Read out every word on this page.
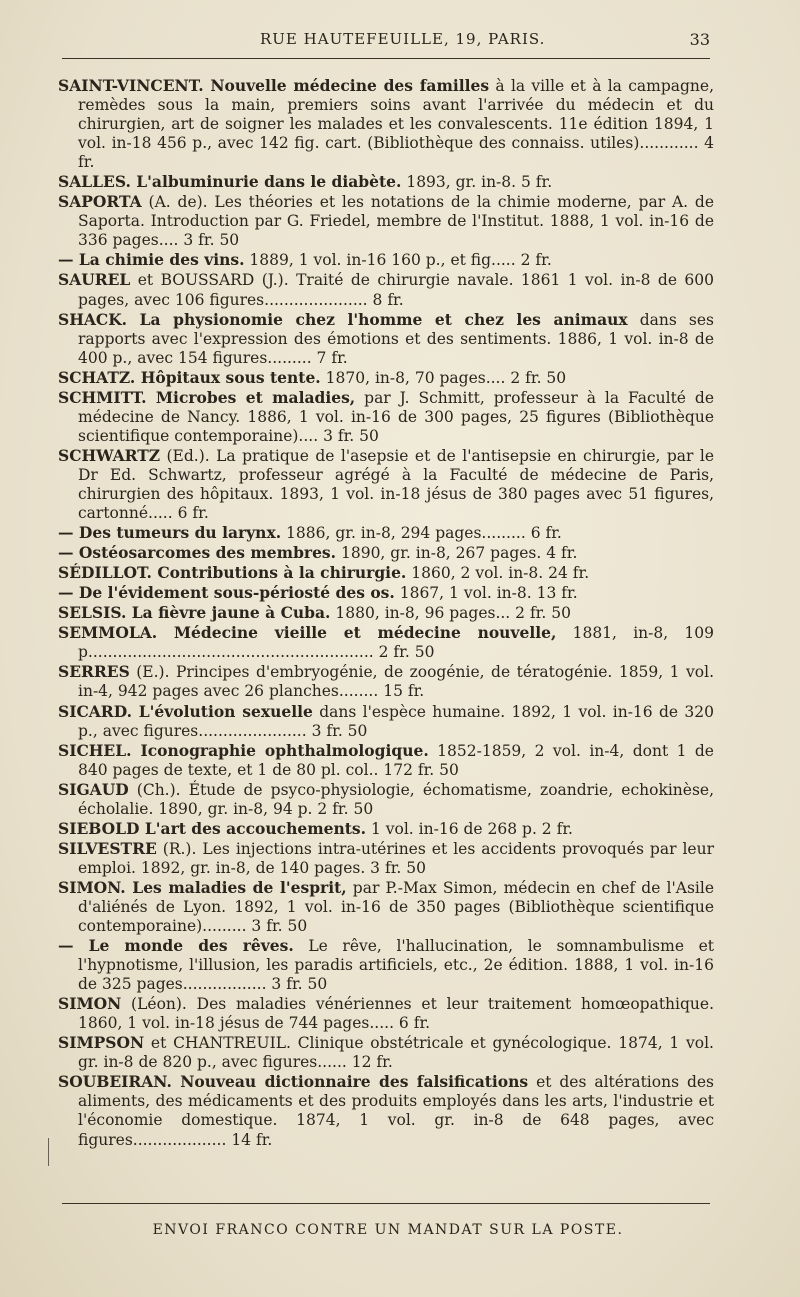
RUE HAUTEFEUILLE, 19, PARIS.	33

SAINT-VINCENT. Nouvelle médecine des familles à la ville et à la campagne, remèdes sous la main, premiers soins avant l'arrivée du médecin et du chirurgien, art de soigner les malades et les convalescents. 11e édition 1894, 1 vol. in-18 456 p., avec 142 fig. cart. (Bibliothèque des connaiss. utiles)............ 4 fr.

SALLES. L'albuminurie dans le diabète. 1893, gr. in-8. 5 fr.

SAPORTA (A. de). Les théories et les notations de la chimie moderne, par A. de Saporta. Introduction par G. Friedel, membre de l'Institut. 1888, 1 vol. in-16 de 336 pages.... 3 fr. 50

— La chimie des vins. 1889, 1 vol. in-16 160 p., et fig..... 2 fr.

SAUREL et BOUSSARD (J.). Traité de chirurgie navale. 1861 1 vol. in-8 de 600 pages, avec 106 figures..................... 8 fr.

SHACK. La physionomie chez l'homme et chez les animaux dans ses rapports avec l'expression des émotions et des sentiments. 1886, 1 vol. in-8 de 400 p., avec 154 figures......... 7 fr.

SCHATZ. Hôpitaux sous tente. 1870, in-8, 70 pages.... 2 fr. 50

SCHMITT. Microbes et maladies, par J. Schmitt, professeur à la Faculté de médecine de Nancy. 1886, 1 vol. in-16 de 300 pages, 25 figures (Bibliothèque scientifique contemporaine).... 3 fr. 50

SCHWARTZ (Ed.). La pratique de l'asepsie et de l'antisepsie en chirurgie, par le Dr Ed. Schwartz, professeur agrégé à la Faculté de médecine de Paris, chirurgien des hôpitaux. 1893, 1 vol. in-18 jésus de 380 pages avec 51 figures, cartonné..... 6 fr.

— Des tumeurs du larynx. 1886, gr. in-8, 294 pages......... 6 fr.

— Ostéosarcomes des membres. 1890, gr. in-8, 267 pages. 4 fr.

SÉDILLOT. Contributions à la chirurgie. 1860, 2 vol. in-8. 24 fr.

— De l'évidement sous-périosté des os. 1867, 1 vol. in-8. 13 fr.

SELSIS. La fièvre jaune à Cuba. 1880, in-8, 96 pages... 2 fr. 50

SEMMOLA. Médecine vieille et médecine nouvelle, 1881, in-8, 109 p.......................................................... 2 fr. 50

SERRES (E.). Principes d'embryogénie, de zoogénie, de tératogénie. 1859, 1 vol. in-4, 942 pages avec 26 planches........ 15 fr.

SICARD. L'évolution sexuelle dans l'espèce humaine. 1892, 1 vol. in-16 de 320 p., avec figures...................... 3 fr. 50

SICHEL. Iconographie ophthalmologique. 1852-1859, 2 vol. in-4, dont 1 de 840 pages de texte, et 1 de 80 pl. col.. 172 fr. 50

SIGAUD (Ch.). Étude de psyco-physiologie, échomatisme, zoandrie, echokinèse, écholalie. 1890, gr. in-8, 94 p. 2 fr. 50

SIEBOLD L'art des accouchements. 1 vol. in-16 de 268 p. 2 fr.

SILVESTRE (R.). Les injections intra-utérines et les accidents provoqués par leur emploi. 1892, gr. in-8, de 140 pages. 3 fr. 50

SIMON. Les maladies de l'esprit, par P.-Max Simon, médecin en chef de l'Asile d'aliénés de Lyon. 1892, 1 vol. in-16 de 350 pages (Bibliothèque scientifique contemporaine)......... 3 fr. 50

— Le monde des rêves. Le rêve, l'hallucination, le somnambulisme et l'hypnotisme, l'illusion, les paradis artificiels, etc., 2e édition. 1888, 1 vol. in-16 de 325 pages................. 3 fr. 50

SIMON (Léon). Des maladies vénériennes et leur traitement homœopathique. 1860, 1 vol. in-18 jésus de 744 pages..... 6 fr.

SIMPSON et CHANTREUIL. Clinique obstétricale et gynécologique. 1874, 1 vol. gr. in-8 de 820 p., avec figures...... 12 fr.

SOUBEIRAN. Nouveau dictionnaire des falsifications et des altérations des aliments, des médicaments et des produits employés dans les arts, l'industrie et l'économie domestique. 1874, 1 vol. gr. in-8 de 648 pages, avec figures................... 14 fr.

ENVOI FRANCO CONTRE UN MANDAT SUR LA POSTE.
